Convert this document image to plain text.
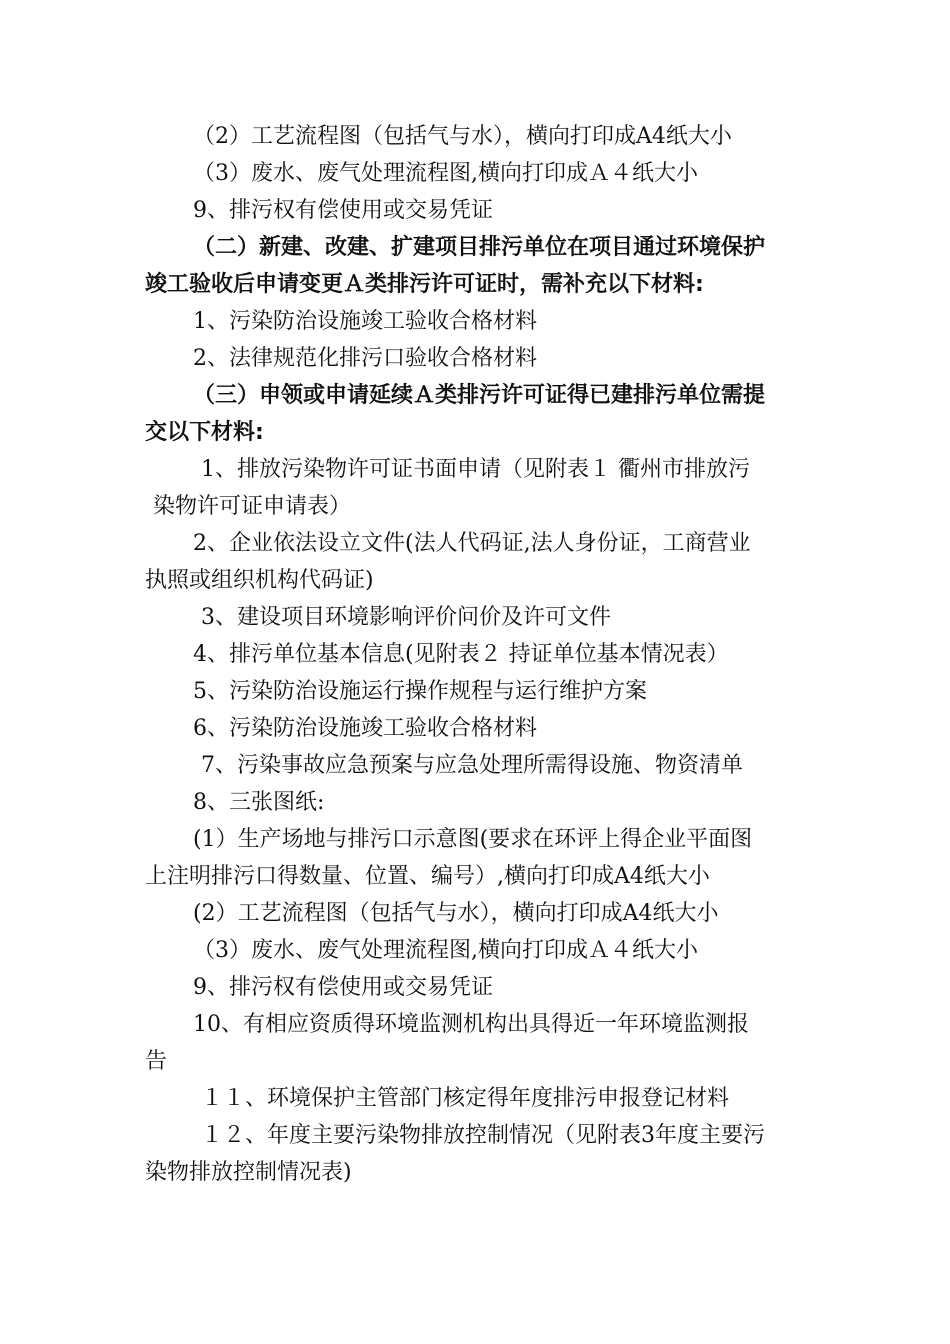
（2）工艺流程图（包括气与水），横向打印成A4纸大小

（3）废水、废气处理流程图,横向打印成Ａ４纸大小

9、排污权有偿使用或交易凭证

（二）新建、改建、扩建项目排污单位在项目通过环境保护

竣工验收后申请变更Ａ类排污许可证时，需补充以下材料:

1、污染防治设施竣工验收合格材料

2、法律规范化排污口验收合格材料

（三）申领或申请延续Ａ类排污许可证得已建排污单位需提

交以下材料:

1、排放污染物许可证书面申请（见附表１ 衢州市排放污

染物许可证申请表）

2、企业依法设立文件(法人代码证,法人身份证，工商营业

执照或组织机构代码证)

3、建设项目环境影响评价问价及许可文件

4、排污单位基本信息(见附表２ 持证单位基本情况表）

5、污染防治设施运行操作规程与运行维护方案

6、污染防治设施竣工验收合格材料

7、污染事故应急预案与应急处理所需得设施、物资清单

8、三张图纸:

(1）生产场地与排污口示意图(要求在环评上得企业平面图

上注明排污口得数量、位置、编号）,横向打印成A4纸大小

(2）工艺流程图（包括气与水），横向打印成A4纸大小

（3）废水、废气处理流程图,横向打印成Ａ４纸大小

9、排污权有偿使用或交易凭证

10、有相应资质得环境监测机构出具得近一年环境监测报

告

１１、环境保护主管部门核定得年度排污申报登记材料

１２、年度主要污染物排放控制情况（见附表3年度主要污

染物排放控制情况表)
